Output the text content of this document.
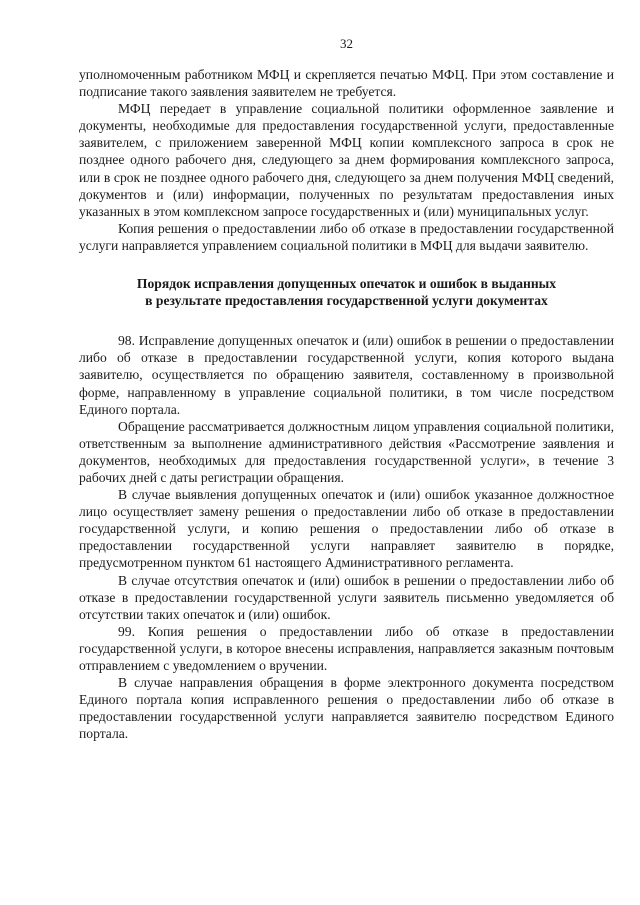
32

уполномоченным работником МФЦ и скрепляется печатью МФЦ. При этом составление и подписание такого заявления заявителем не требуется.

МФЦ передает в управление социальной политики оформленное заявление и документы, необходимые для предоставления государственной услуги, предоставленные заявителем, с приложением заверенной МФЦ копии комплексного запроса в срок не позднее одного рабочего дня, следующего за днем формирования комплексного запроса, или в срок не позднее одного рабочего дня, следующего за днем получения МФЦ сведений, документов и (или) информации, полученных по результатам предоставления иных указанных в этом комплексном запросе государственных и (или) муниципальных услуг.

Копия решения о предоставлении либо об отказе в предоставлении государственной услуги направляется управлением социальной политики в МФЦ для выдачи заявителю.

Порядок исправления допущенных опечаток и ошибок в выданных
в результате предоставления государственной услуги документах

98. Исправление допущенных опечаток и (или) ошибок в решении о предоставлении либо об отказе в предоставлении государственной услуги, копия которого выдана заявителю, осуществляется по обращению заявителя, составленному в произвольной форме, направленному в управление социальной политики, в том числе посредством Единого портала.

Обращение рассматривается должностным лицом управления социальной политики, ответственным за выполнение административного действия «Рассмотрение заявления и документов, необходимых для предоставления государственной услуги», в течение 3 рабочих дней с даты регистрации обращения.

В случае выявления допущенных опечаток и (или) ошибок указанное должностное лицо осуществляет замену решения о предоставлении либо об отказе в предоставлении государственной услуги, и копию решения о предоставлении либо об отказе в предоставлении государственной услуги направляет заявителю в порядке, предусмотренном пунктом 61 настоящего Административного регламента.

В случае отсутствия опечаток и (или) ошибок в решении о предоставлении либо об отказе в предоставлении государственной услуги заявитель письменно уведомляется об отсутствии таких опечаток и (или) ошибок.

99. Копия решения о предоставлении либо об отказе в предоставлении государственной услуги, в которое внесены исправления, направляется заказным почтовым отправлением с уведомлением о вручении.

В случае направления обращения в форме электронного документа посредством Единого портала копия исправленного решения о предоставлении либо об отказе в предоставлении государственной услуги направляется заявителю посредством Единого портала.
